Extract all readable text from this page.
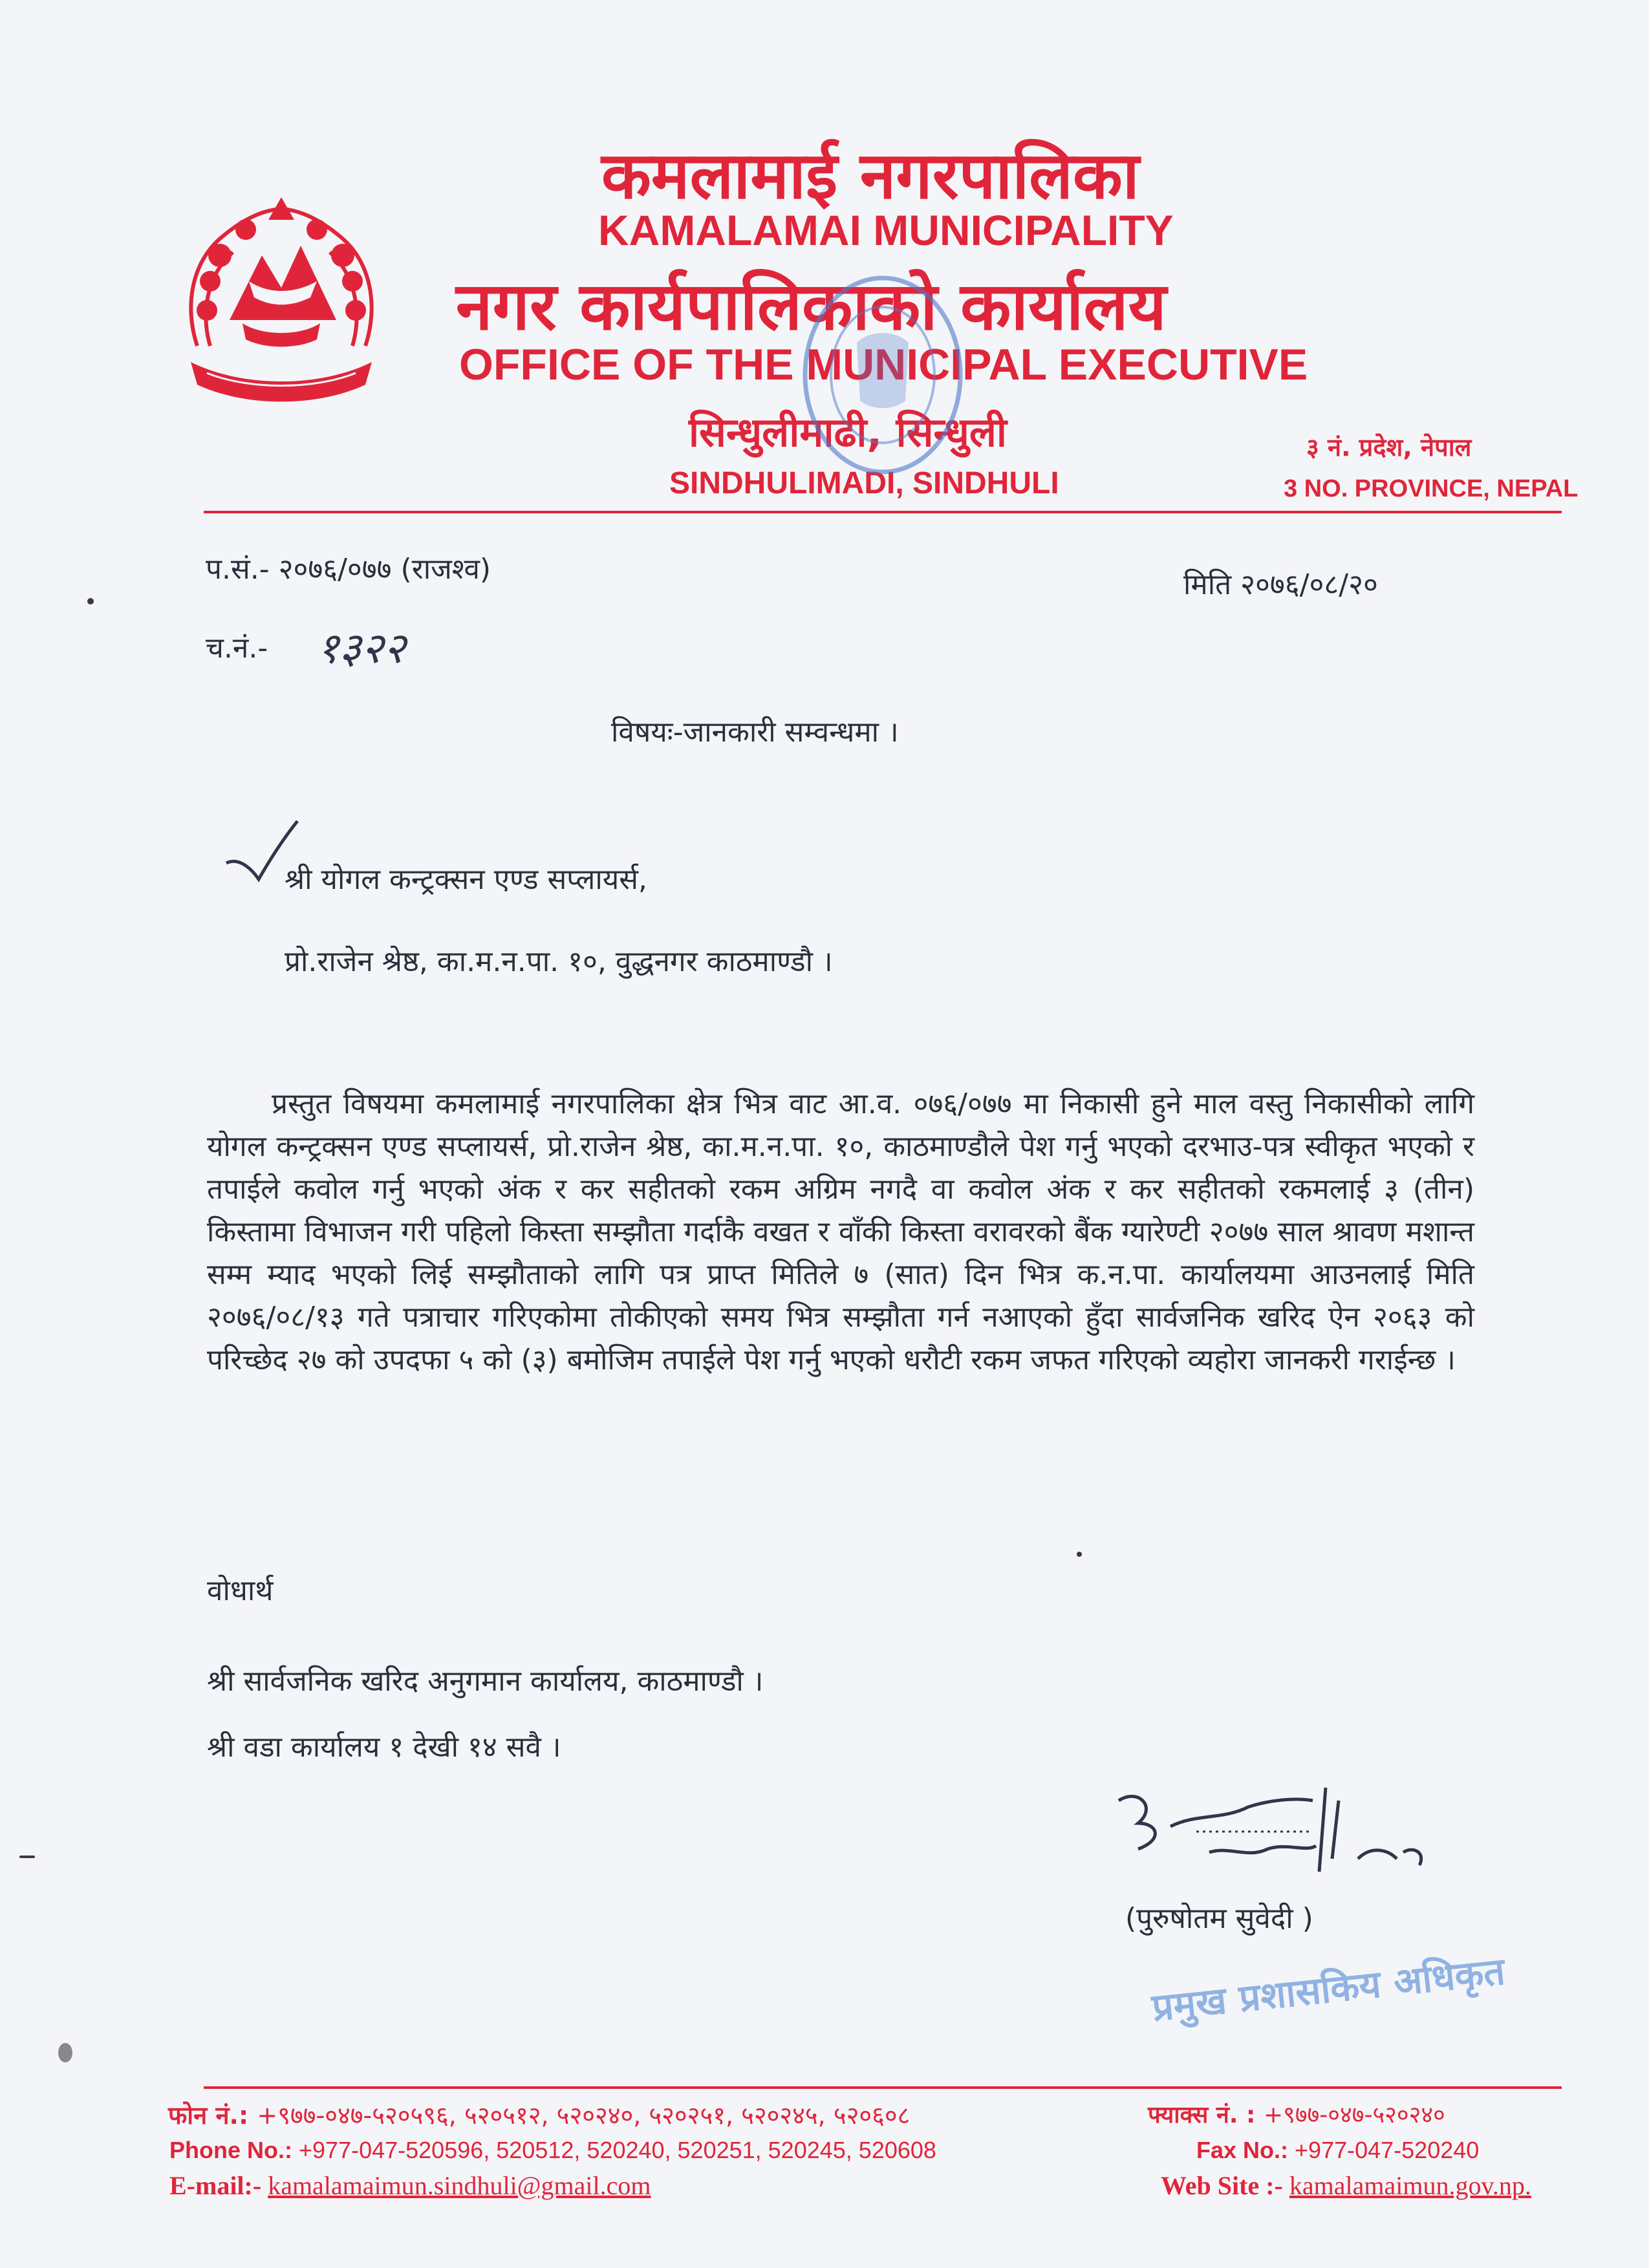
कमलामाई नगरपालिका
KAMALAMAI MUNICIPALITY
नगर कार्यपालिकाको कार्यालय
OFFICE OF THE MUNICIPAL EXECUTIVE
सिन्धुलीमाढी, सिन्धुली
SINDHULIMADI, SINDHULI
३ नं. प्रदेश, नेपाल
3 NO. PROVINCE, NEPAL
प.सं.- २०७६/०७७ (राजश्व)	मिति २०७६/०८/२०
च.नं.- १३२२
विषयः-जानकारी सम्वन्धमा ।
श्री योगल कन्ट्रक्सन एण्ड सप्लायर्स,
प्रो.राजेन श्रेष्ठ, का.म.न.पा. १०, वुद्धनगर काठमाण्डौ ।
प्रस्तुत विषयमा कमलामाई नगरपालिका क्षेत्र भित्र वाट आ.व. ०७६/०७७ मा निकासी हुने माल वस्तु निकासीको लागि योगल कन्ट्रक्सन एण्ड सप्लायर्स, प्रो.राजेन श्रेष्ठ, का.म.न.पा. १०, काठमाण्डौले पेश गर्नु भएको दरभाउ-पत्र स्वीकृत भएको र तपाईले कवोल गर्नु भएको अंक र कर सहीतको रकम अग्रिम नगदै वा कवोल अंक र कर सहीतको रकमलाई ३ (तीन) किस्तामा विभाजन गरी पहिलो किस्ता सम्झौता गर्दाकै वखत र वाँकी किस्ता वरावरको बैंक ग्यारेण्टी २०७७ साल श्रावण मशान्त सम्म म्याद भएको लिई सम्झौताको लागि पत्र प्राप्त मितिले ७ (सात) दिन भित्र क.न.पा. कार्यालयमा आउनलाई मिति २०७६/०८/१३ गते पत्राचार गरिएकोमा तोकीएको समय भित्र सम्झौता गर्न नआएको हुँदा सार्वजनिक खरिद ऐन २०६३ को परिच्छेद २७ को उपदफा ५ को (३) बमोजिम तपाईले पेश गर्नु भएको धरौटी रकम जफत गरिएको व्यहोरा जानकरी गराईन्छ ।
वोधार्थ
श्री सार्वजनिक खरिद अनुगमान कार्यालय, काठमाण्डौ ।
श्री वडा कार्यालय १ देखी १४ सवै ।
(पुरुषोतम सुवेदी )
प्रमुख प्रशासकिय अधिकृत
फोन नं.: +९७७-०४७-५२०५९६, ५२०५१२, ५२०२४०, ५२०२५१, ५२०२४५, ५२०६०८
Phone No.: +977-047-520596, 520512, 520240, 520251, 520245, 520608
E-mail:- kamalamaimun.sindhuli@gmail.com
फ्याक्स नं. : +९७७-०४७-५२०२४०
Fax No.: +977-047-520240
Web Site :- kamalamaimun.gov.np.
